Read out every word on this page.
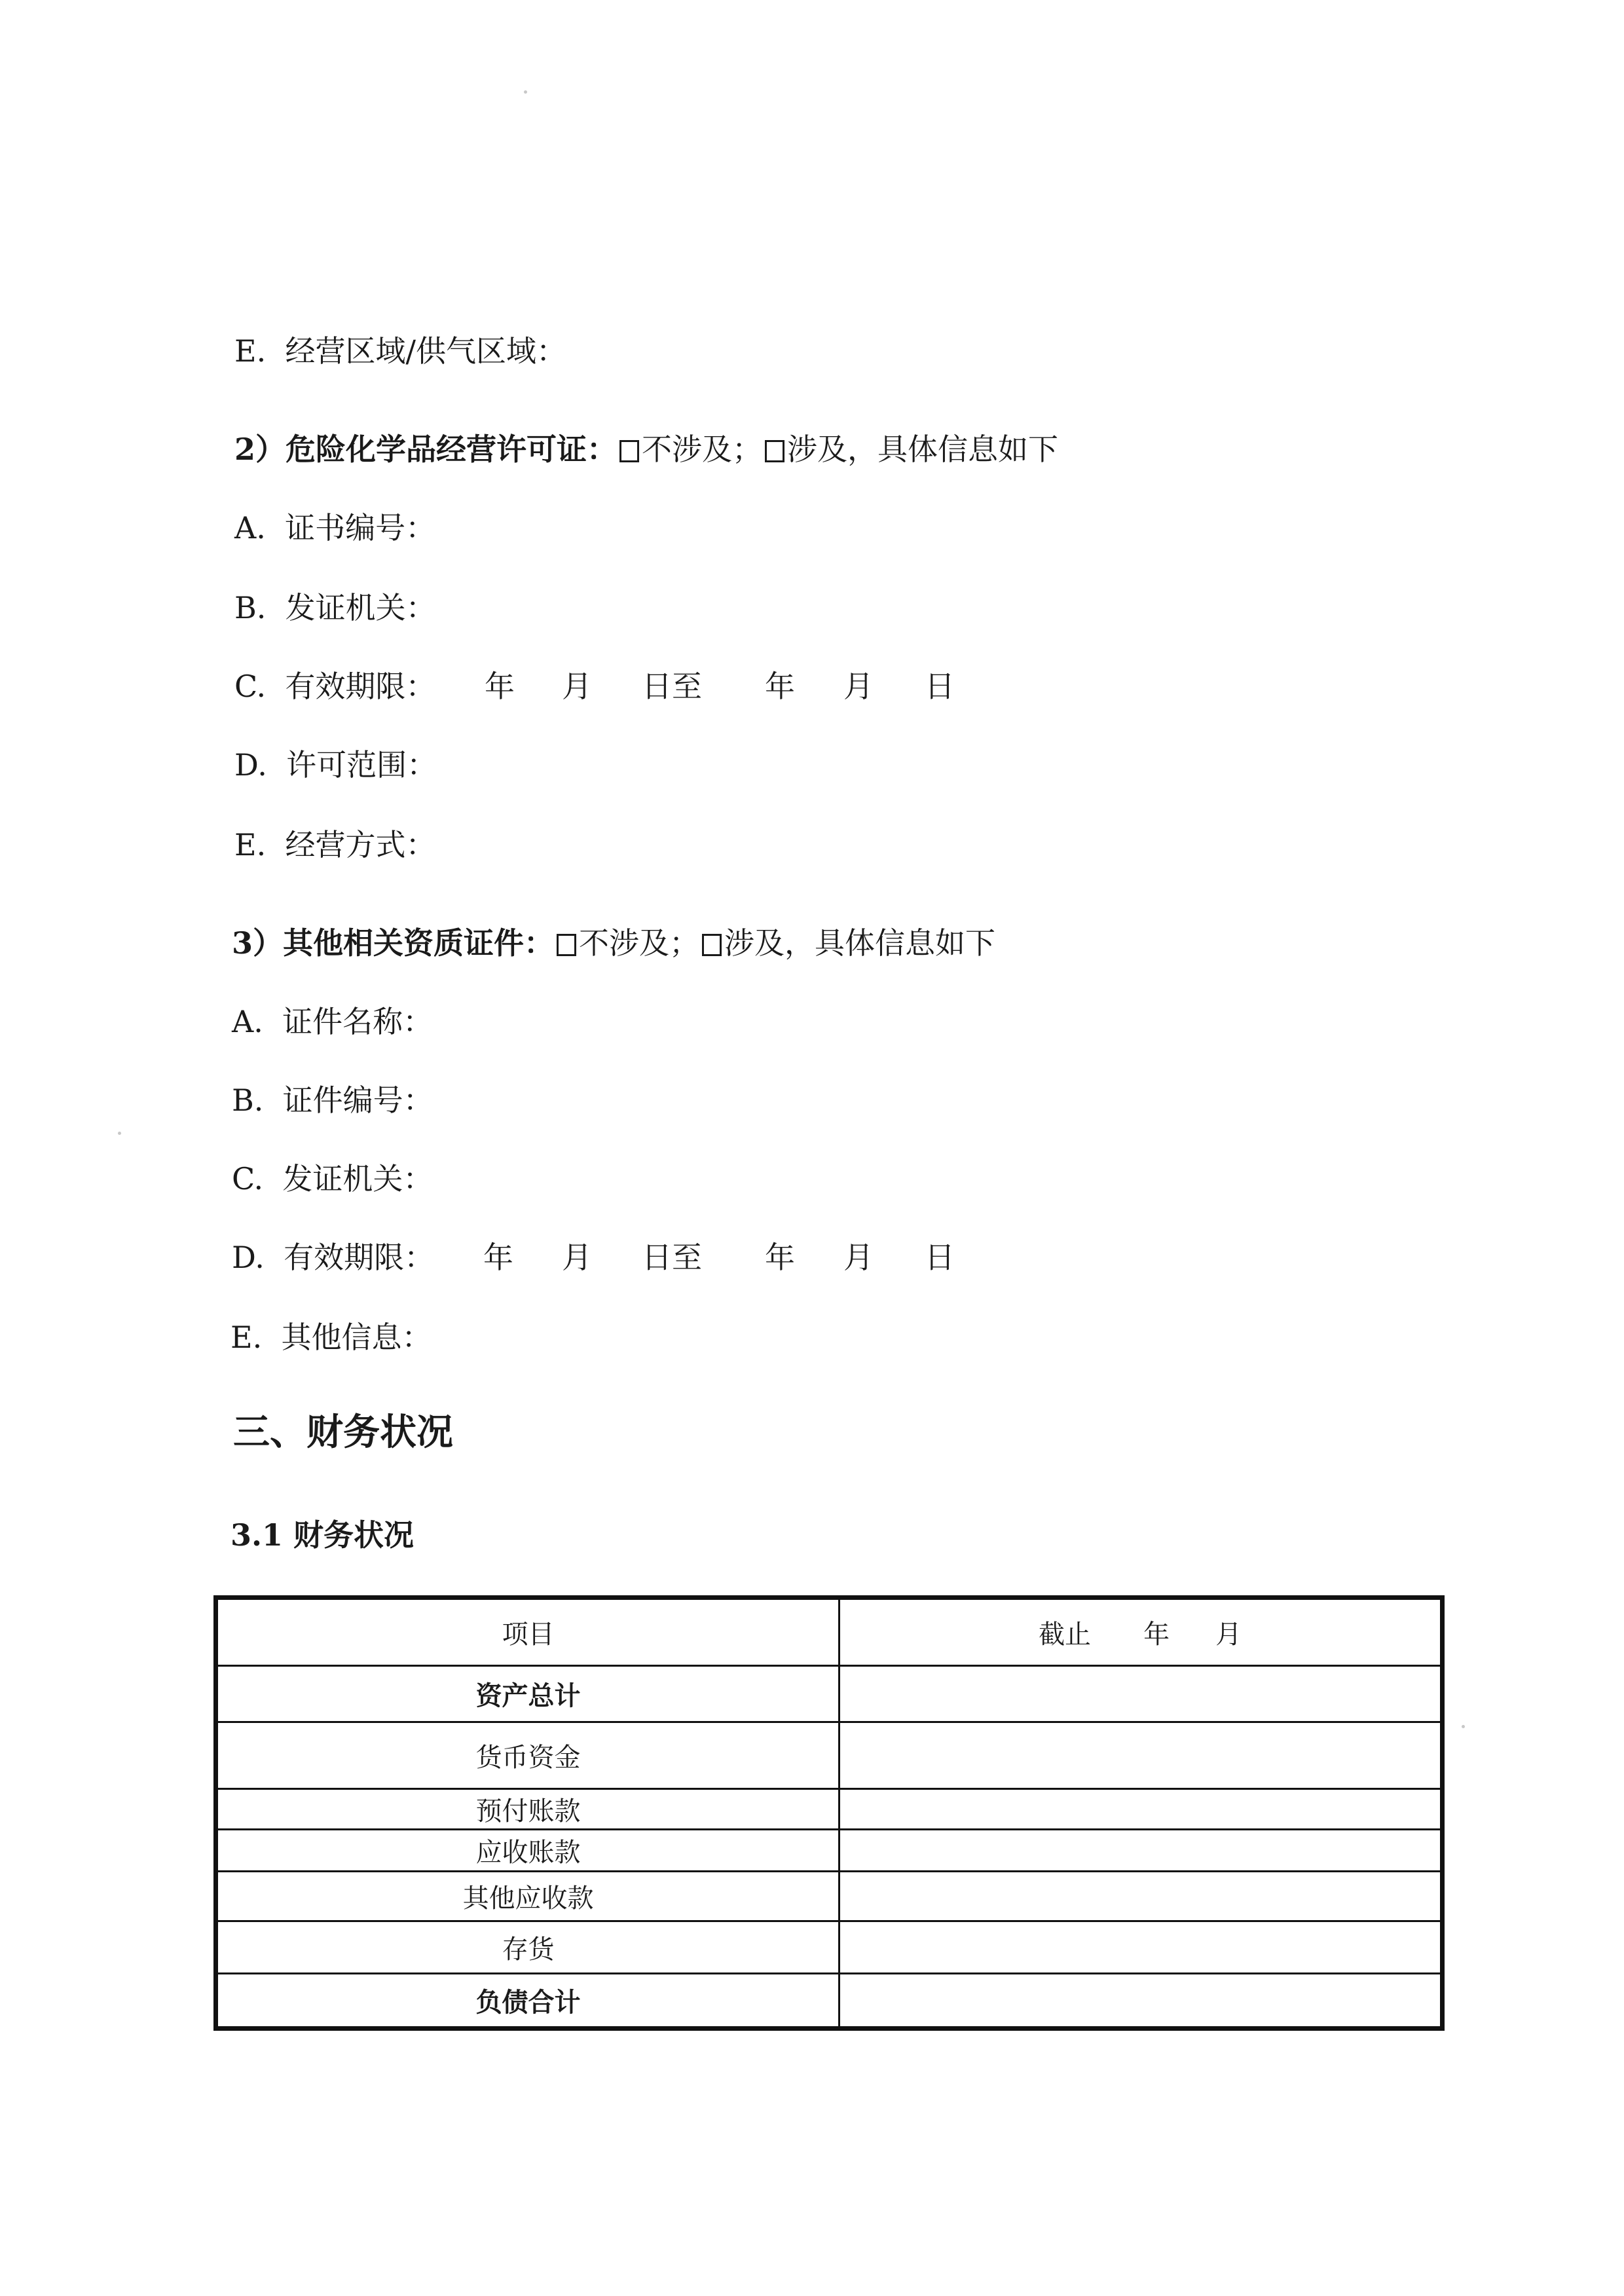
E.  经营区域/供气区域：
2）危险化学品经营许可证： 不涉及； 涉及，具体信息如下
A.  证书编号：
B.  发证机关：
C.  有效期限： 年 月 日至 年 月 日
D.  许可范围：
E.  经营方式：
3）其他相关资质证件： 不涉及； 涉及，具体信息如下
A.  证件名称：
B.  证件编号：
C.  发证机关：
D.  有效期限： 年 月 日至 年 月 日
E.  其他信息：
三、财务状况
3.1 财务状况
项目	截止 年 月
资产总计	
货币资金	
预付账款	
应收账款	
其他应收款	
存货	
负债合计	
